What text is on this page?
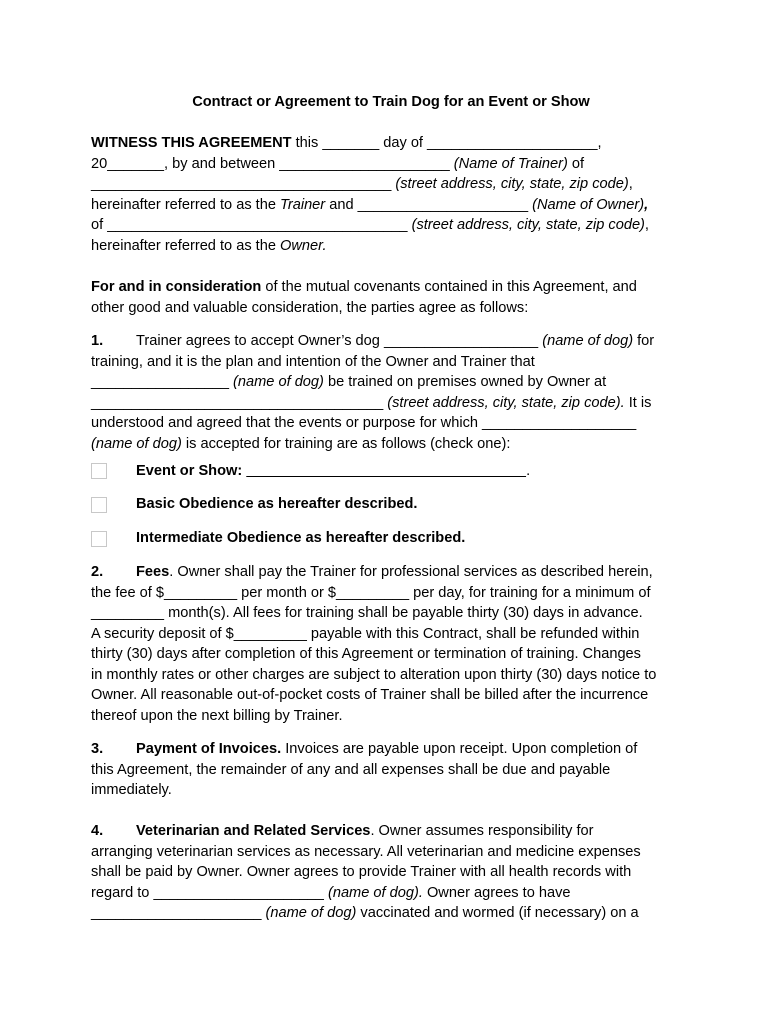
Contract or Agreement to Train Dog for an Event or Show
WITNESS THIS AGREEMENT this _______ day of _____________________,
20_______, by and between _____________________ (Name of Trainer) of
_____________________________________ (street address, city, state, zip code),
hereinafter referred to as the Trainer and _____________________ (Name of Owner),
of _____________________________________ (street address, city, state, zip code),
hereinafter referred to as the Owner.
For and in consideration of the mutual covenants contained in this Agreement, and
other good and valuable consideration, the parties agree as follows:
1. Trainer agrees to accept Owner’s dog ___________________ (name of dog) for
training, and it is the plan and intention of the Owner and Trainer that
_________________ (name of dog) be trained on premises owned by Owner at
____________________________________ (street address, city, state, zip code). It is
understood and agreed that the events or purpose for which ___________________
(name of dog) is accepted for training are as follows (check one):
Event or Show:	.
Basic Obedience as hereafter described.
Intermediate Obedience as hereafter described.
2. Fees. Owner shall pay the Trainer for professional services as described herein,
the fee of $_________ per month or $_________ per day, for training for a minimum of
_________ month(s). All fees for training shall be payable thirty (30) days in advance.
A security deposit of $_________ payable with this Contract, shall be refunded within
thirty (30) days after completion of this Agreement or termination of training. Changes
in monthly rates or other charges are subject to alteration upon thirty (30) days notice to
Owner. All reasonable out-of-pocket costs of Trainer shall be billed after the incurrence
thereof upon the next billing by Trainer.
3. Payment of Invoices. Invoices are payable upon receipt. Upon completion of
this Agreement, the remainder of any and all expenses shall be due and payable
immediately.
4. Veterinarian and Related Services. Owner assumes responsibility for
arranging veterinarian services as necessary. All veterinarian and medicine expenses
shall be paid by Owner. Owner agrees to provide Trainer with all health records with
regard to _____________________ (name of dog). Owner agrees to have
_____________________ (name of dog) vaccinated and wormed (if necessary) on a
